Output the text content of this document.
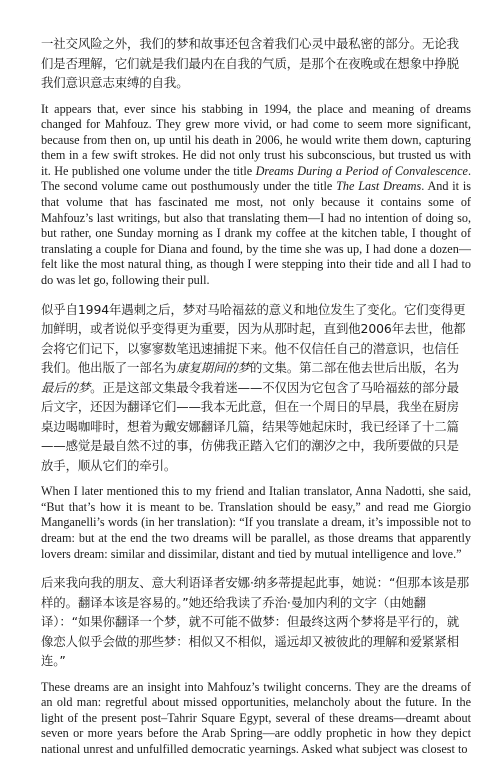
一社交风险之外，我们的梦和故事还包含着我们心灵中最私密的部分。无论我们是否理解，它们就是我们最内在自我的气质，是那个在夜晚或在想象中挣脱我们意识意志束缚的自我。

It appears that, ever since his stabbing in 1994, the place and meaning of dreams changed for Mahfouz. They grew more vivid, or had come to seem more significant, because from then on, up until his death in 2006, he would write them down, capturing them in a few swift strokes. He did not only trust his subconscious, but trusted us with it. He published one volume under the title Dreams During a Period of Convalescence. The second volume came out posthumously under the title The Last Dreams. And it is that volume that has fascinated me most, not only because it contains some of Mahfouz’s last writings, but also that translating them—I had no intention of doing so, but rather, one Sunday morning as I drank my coffee at the kitchen table, I thought of translating a couple for Diana and found, by the time she was up, I had done a dozen—felt like the most natural thing, as though I were stepping into their tide and all I had to do was let go, following their pull.

似乎自1994年遇刺之后，梦对马哈福兹的意义和地位发生了变化。它们变得更加鲜明，或者说似乎变得更为重要，因为从那时起，直到他2006年去世，他都会将它们记下，以寥寥数笔迅速捕捉下来。他不仅信任自己的潜意识，也信任我们。他出版了一部名为康复期间的梦的文集。第二部在他去世后出版，名为最后的梦。正是这部文集最令我着迷——不仅因为它包含了马哈福兹的部分最后文字，还因为翻译它们——我本无此意，但在一个周日的早晨，我坐在厨房桌边喝咖啡时，想着为戴安娜翻译几篇，结果等她起床时，我已经译了十二篇——感觉是最自然不过的事，仿佛我正踏入它们的潮汐之中，我所要做的只是放手，顺从它们的牵引。

When I later mentioned this to my friend and Italian translator, Anna Nadotti, she said, “But that’s how it is meant to be. Translation should be easy,” and read me Giorgio Manganelli’s words (in her translation): “If you translate a dream, it’s impossible not to dream: but at the end the two dreams will be parallel, as those dreams that apparently lovers dream: similar and dissimilar, distant and tied by mutual intelligence and love.”

后来我向我的朋友、意大利语译者安娜·纳多蒂提起此事，她说：“但那本该是那样的。翻译本该是容易的。”她还给我读了乔治·曼加内利的文字（由她翻译）：“如果你翻译一个梦，就不可能不做梦：但最终这两个梦将是平行的，就像恋人似乎会做的那些梦：相似又不相似，遥远却又被彼此的理解和爱紧紧相连。”

These dreams are an insight into Mahfouz’s twilight concerns. They are the dreams of an old man: regretful about missed opportunities, melancholy about the future. In the light of the present post–Tahrir Square Egypt, several of these dreams—dreamt about seven or more years before the Arab Spring—are oddly prophetic in how they depict national unrest and unfulfilled democratic yearnings. Asked what subject was closest to
